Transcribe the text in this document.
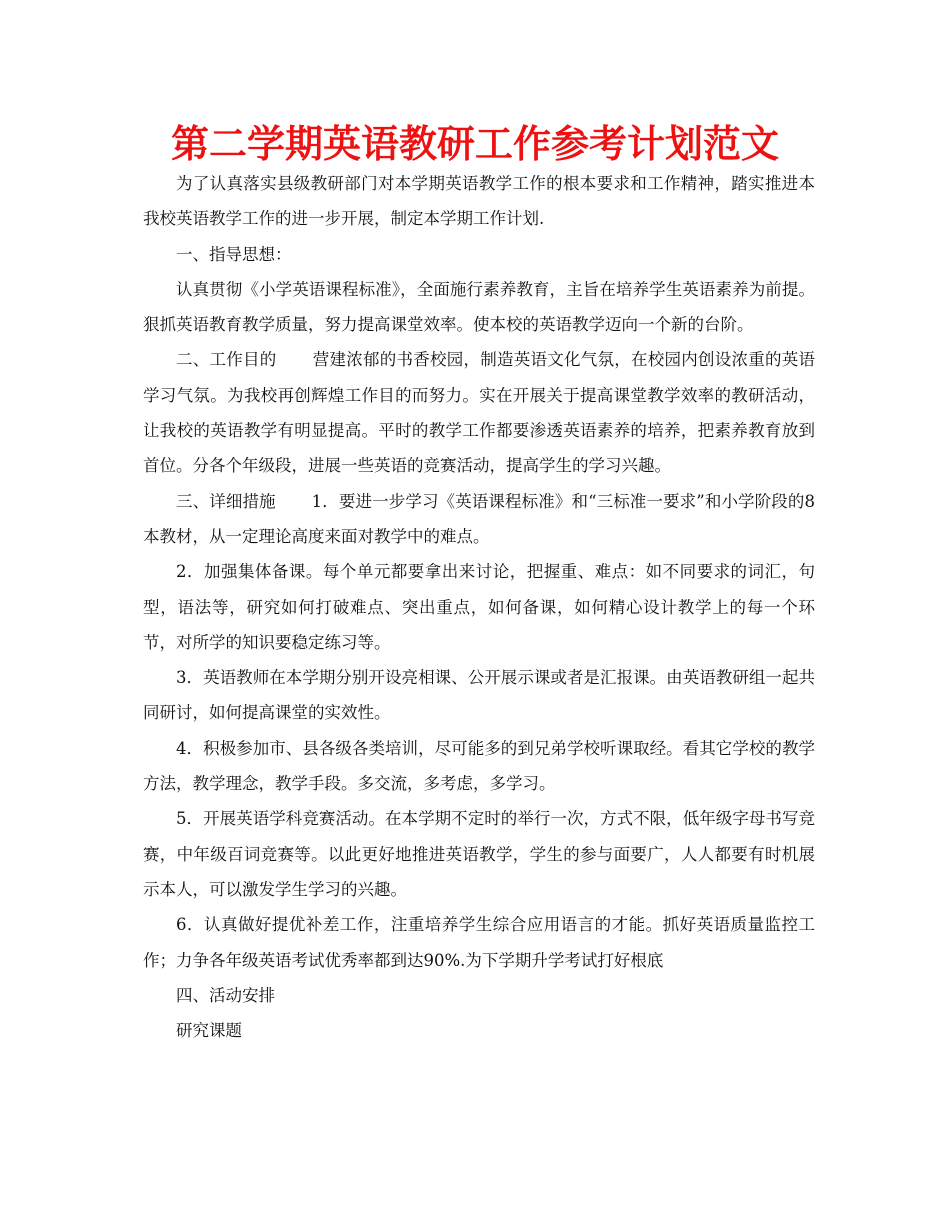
第二学期英语教研工作参考计划范文

为了认真落实县级教研部门对本学期英语教学工作的根本要求和工作精神，踏实推进本我校英语教学工作的进一步开展，制定本学期工作计划.

一、指导思想：

认真贯彻《小学英语课程标准》，全面施行素养教育，主旨在培养学生英语素养为前提。狠抓英语教育教学质量，努力提高课堂效率。使本校的英语教学迈向一个新的台阶。

二、工作目的 营建浓郁的书香校园，制造英语文化气氛，在校园内创设浓重的英语学习气氛。为我校再创辉煌工作目的而努力。实在开展关于提高课堂教学效率的教研活动，让我校的英语教学有明显提高。平时的教学工作都要渗透英语素养的培养，把素养教育放到首位。分各个年级段，进展一些英语的竞赛活动，提高学生的学习兴趣。

三、详细措施 1．要进一步学习《英语课程标准》和“三标准一要求”和小学阶段的8本教材，从一定理论高度来面对教学中的难点。

2．加强集体备课。每个单元都要拿出来讨论，把握重、难点：如不同要求的词汇，句型，语法等，研究如何打破难点、突出重点，如何备课，如何精心设计教学上的每一个环节，对所学的知识要稳定练习等。

3．英语教师在本学期分别开设亮相课、公开展示课或者是汇报课。由英语教研组一起共同研讨，如何提高课堂的实效性。

4．积极参加市、县各级各类培训，尽可能多的到兄弟学校听课取经。看其它学校的教学方法，教学理念，教学手段。多交流，多考虑，多学习。

5．开展英语学科竞赛活动。在本学期不定时的举行一次，方式不限，低年级字母书写竞赛，中年级百词竞赛等。以此更好地推进英语教学，学生的参与面要广，人人都要有时机展示本人，可以激发学生学习的兴趣。

6．认真做好提优补差工作，注重培养学生综合应用语言的才能。抓好英语质量监控工作；力争各年级英语考试优秀率都到达90%.为下学期升学考试打好根底

四、活动安排

研究课题
